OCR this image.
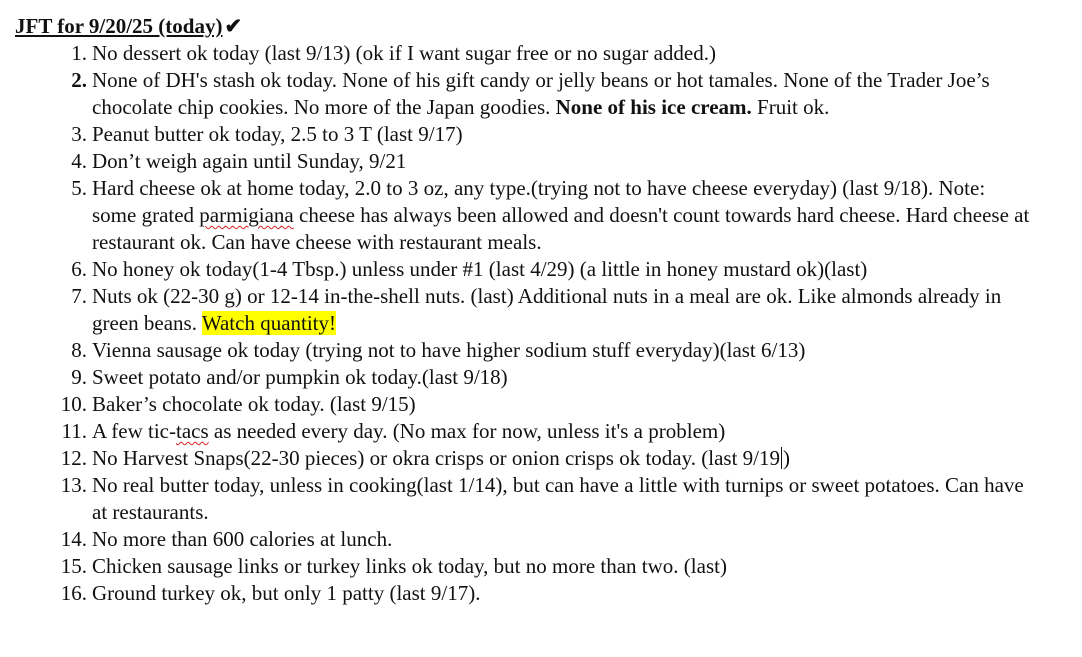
JFT for 9/20/25 (today)✔

1. No dessert ok today (last 9/13) (ok if I want sugar free or no sugar added.)
2. None of DH's stash ok today. None of his gift candy or jelly beans or hot tamales. None of the Trader Joe’s chocolate chip cookies. No more of the Japan goodies. None of his ice cream. Fruit ok.
3. Peanut butter ok today, 2.5 to 3 T (last 9/17)
4. Don’t weigh again until Sunday, 9/21
5. Hard cheese ok at home today, 2.0 to 3 oz, any type.(trying not to have cheese everyday) (last 9/18). Note: some grated parmigiana cheese has always been allowed and doesn't count towards hard cheese. Hard cheese at restaurant ok. Can have cheese with restaurant meals.
6. No honey ok today(1-4 Tbsp.) unless under #1 (last 4/29) (a little in honey mustard ok)(last)
7. Nuts ok (22-30 g) or 12-14 in-the-shell nuts. (last) Additional nuts in a meal are ok. Like almonds already in green beans. Watch quantity!
8. Vienna sausage ok today (trying not to have higher sodium stuff everyday)(last 6/13)
9. Sweet potato and/or pumpkin ok today.(last 9/18)
10. Baker’s chocolate ok today. (last 9/15)
11. A few tic-tacs as needed every day. (No max for now, unless it's a problem)
12. No Harvest Snaps(22-30 pieces) or okra crisps or onion crisps ok today. (last 9/19 )
13. No real butter today, unless in cooking(last 1/14), but can have a little with turnips or sweet potatoes. Can have at restaurants.
14. No more than 600 calories at lunch.
15. Chicken sausage links or turkey links ok today, but no more than two. (last)
16. Ground turkey ok, but only 1 patty (last 9/17).
